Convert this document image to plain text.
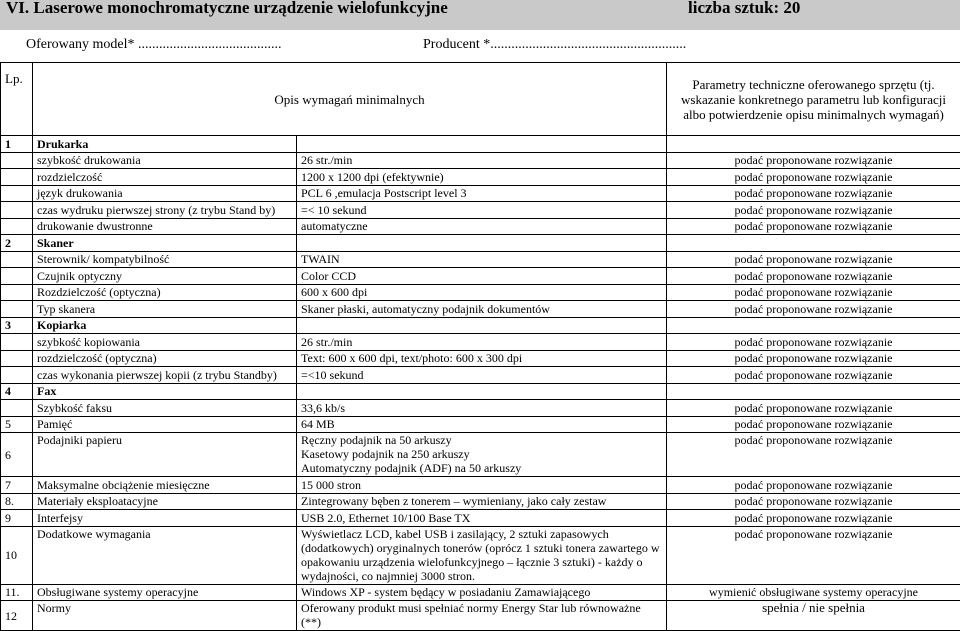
VI. Laserowe monochromatyczne urządzenie wielofunkcyjne	liczba sztuk: 20
Oferowany model* .........................................	Producent *........................................................
Lp.	Opis wymagań minimalnych		Parametry techniczne oferowanego sprzętu (tj. wskazanie konkretnego parametru lub konfiguracji albo potwierdzenie opisu minimalnych wymagań)
1	Drukarka		
	szybkość drukowania	26 str./min	podać proponowane rozwiązanie
	rozdzielczość	1200 x 1200 dpi (efektywnie)	podać proponowane rozwiązanie
	język drukowania	PCL 6 ,emulacja Postscript level 3	podać proponowane rozwiązanie
	czas wydruku pierwszej strony (z trybu Stand by)	=< 10 sekund	podać proponowane rozwiązanie
	drukowanie dwustronne	automatyczne	podać proponowane rozwiązanie
2	Skaner		
	Sterownik/ kompatybilność	TWAIN	podać proponowane rozwiązanie
	Czujnik optyczny	Color CCD	podać proponowane rozwiązanie
	Rozdzielczość (optyczna)	600 x 600 dpi	podać proponowane rozwiązanie
	Typ skanera	Skaner płaski, automatyczny podajnik dokumentów	podać proponowane rozwiązanie
3	Kopiarka		
	szybkość kopiowania	26 str./min	podać proponowane rozwiązanie
	rozdzielczość (optyczna)	Text: 600 x 600 dpi, text/photo: 600 x 300 dpi	podać proponowane rozwiązanie
	czas wykonania pierwszej kopii (z trybu Standby)	=<10 sekund	podać proponowane rozwiązanie
4	Fax		
	Szybkość faksu	33,6 kb/s	podać proponowane rozwiązanie
5	Pamięć	64 MB	podać proponowane rozwiązanie
6	Podajniki papieru	Ręczny podajnik na 50 arkuszy
Kasetowy podajnik na 250 arkuszy
Automatyczny podajnik (ADF) na 50 arkuszy	podać proponowane rozwiązanie
7	Maksymalne obciążenie miesięczne	15 000 stron	podać proponowane rozwiązanie
8.	Materiały eksploatacyjne	Zintegrowany bęben z tonerem – wymieniany, jako cały zestaw	podać proponowane rozwiązanie
9	Interfejsy	USB 2.0, Ethernet 10/100 Base TX	podać proponowane rozwiązanie
10	Dodatkowe wymagania	Wyświetlacz LCD, kabel USB i zasilający, 2 sztuki zapasowych (dodatkowych) oryginalnych tonerów (oprócz 1 sztuki tonera zawartego w opakowaniu urządzenia wielofunkcyjnego – łącznie 3 sztuki) - każdy o wydajności, co najmniej 3000 stron.	podać proponowane rozwiązanie
11.	Obsługiwane systemy operacyjne	Windows XP - system będący w posiadaniu Zamawiającego	wymienić obsługiwane systemy operacyjne
12	Normy	Oferowany produkt musi spełniać normy Energy Star lub równoważne (**)	spełnia / nie spełnia
